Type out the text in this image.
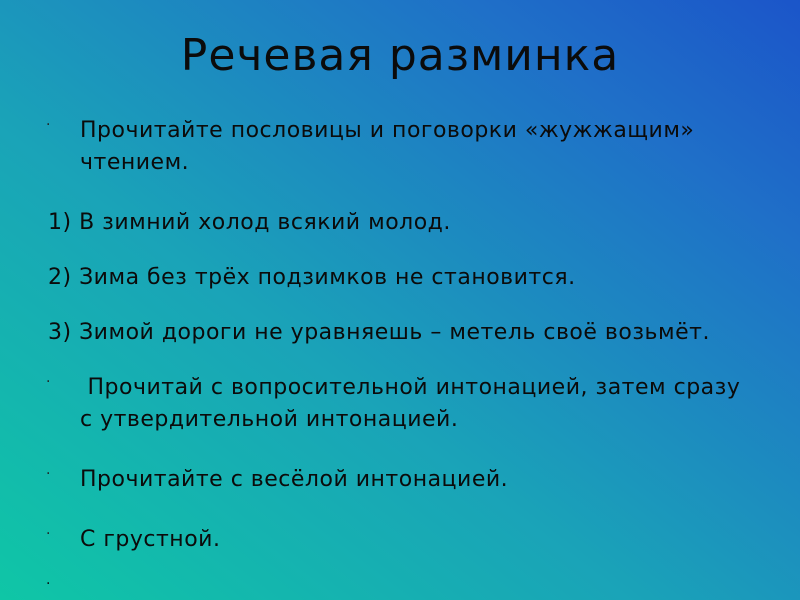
Речевая разминка
· Прочитайте пословицы и поговорки «жужжащим» чтением.
1) В зимний холод всякий молод.
2) Зима без трёх подзимков не становится.
3) Зимой дороги не уравняешь – метель своё возьмёт.
· Прочитай с вопросительной интонацией, затем сразу с утвердительной интонацией.
· Прочитайте с весёлой интонацией.
· С грустной.
·
